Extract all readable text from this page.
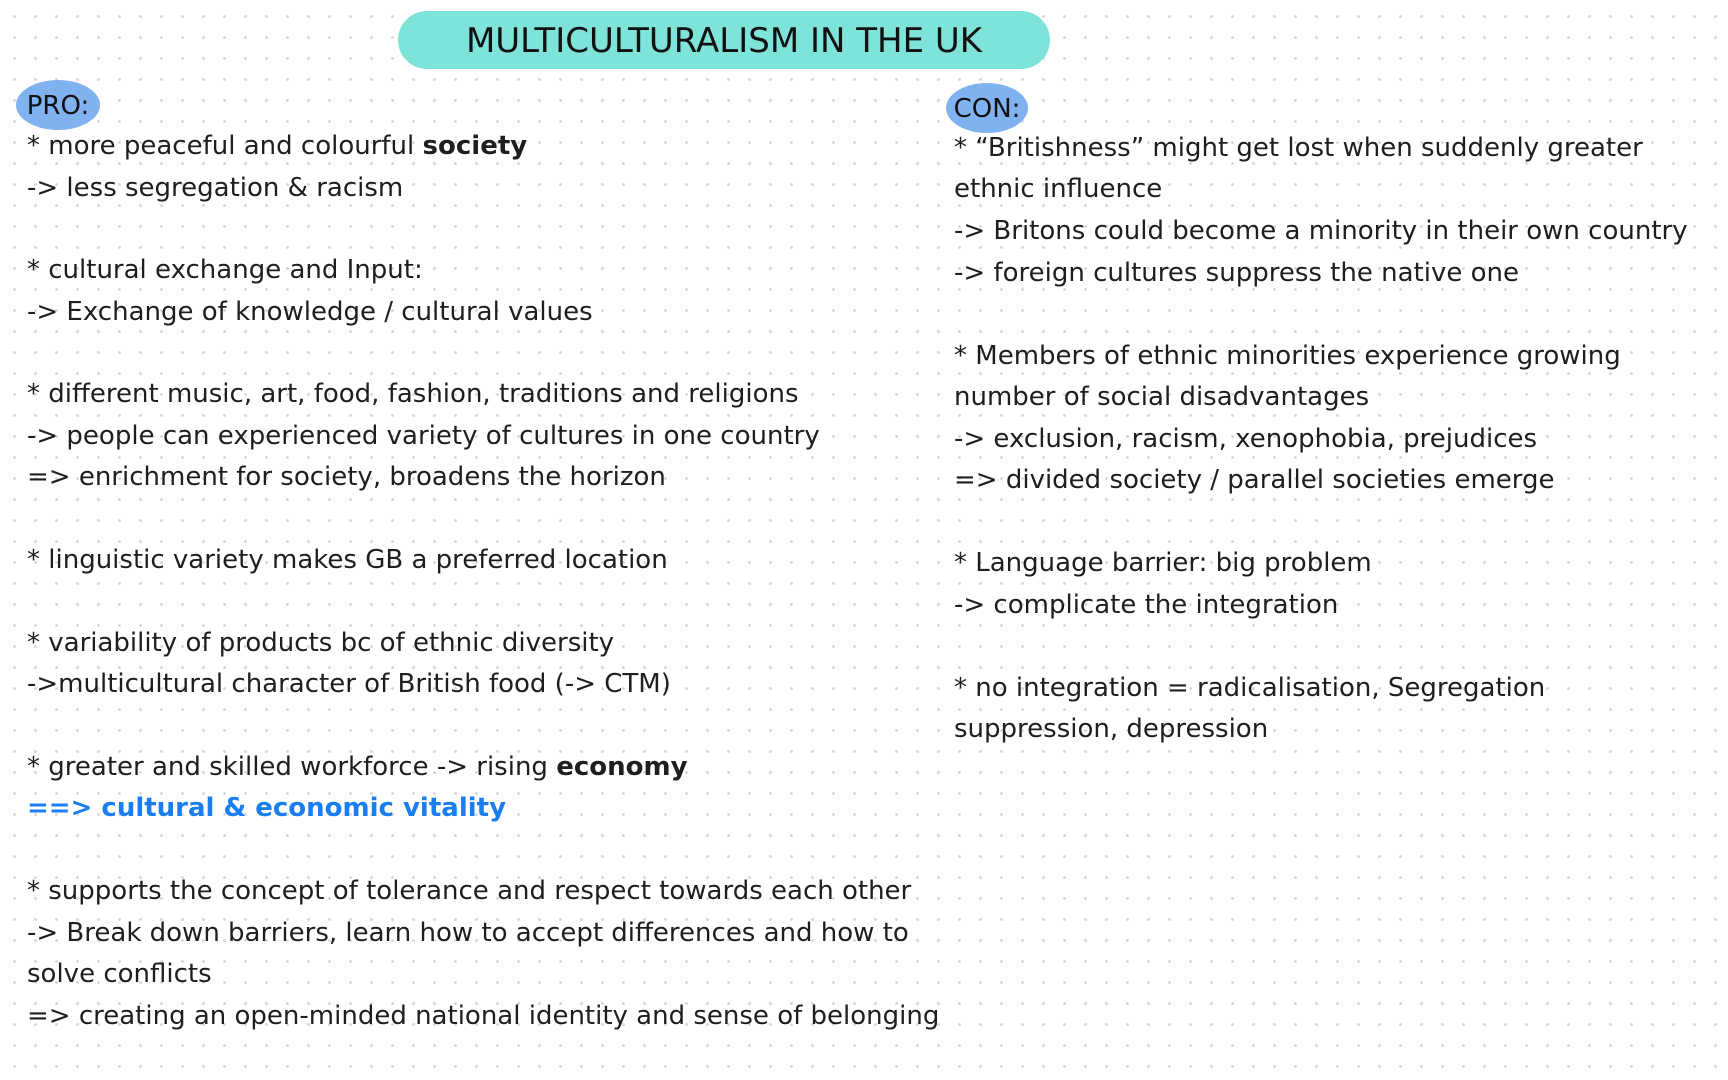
MULTICULTURALISM IN THE UK
PRO:	CON:
* more peaceful and colourful society
-> less segregation & racism
* cultural exchange and Input:
-> Exchange of knowledge / cultural values
* different music, art, food, fashion, traditions and religions
-> people can experienced variety of cultures in one country
=> enrichment for society, broadens the horizon
* linguistic variety makes GB a preferred location
* variability of products bc of ethnic diversity
->multicultural character of British food (-> CTM)
* greater and skilled workforce -> rising economy
==> cultural & economic vitality
* supports the concept of tolerance and respect towards each other
-> Break down barriers, learn how to accept differences and how to
solve conflicts
=> creating an open-minded national identity and sense of belonging
* “Britishness” might get lost when suddenly greater
ethnic influence
-> Britons could become a minority in their own country
-> foreign cultures suppress the native one
* Members of ethnic minorities experience growing
number of social disadvantages
-> exclusion, racism, xenophobia, prejudices
=> divided society / parallel societies emerge
* Language barrier: big problem
-> complicate the integration
* no integration = radicalisation, Segregation
suppression, depression
